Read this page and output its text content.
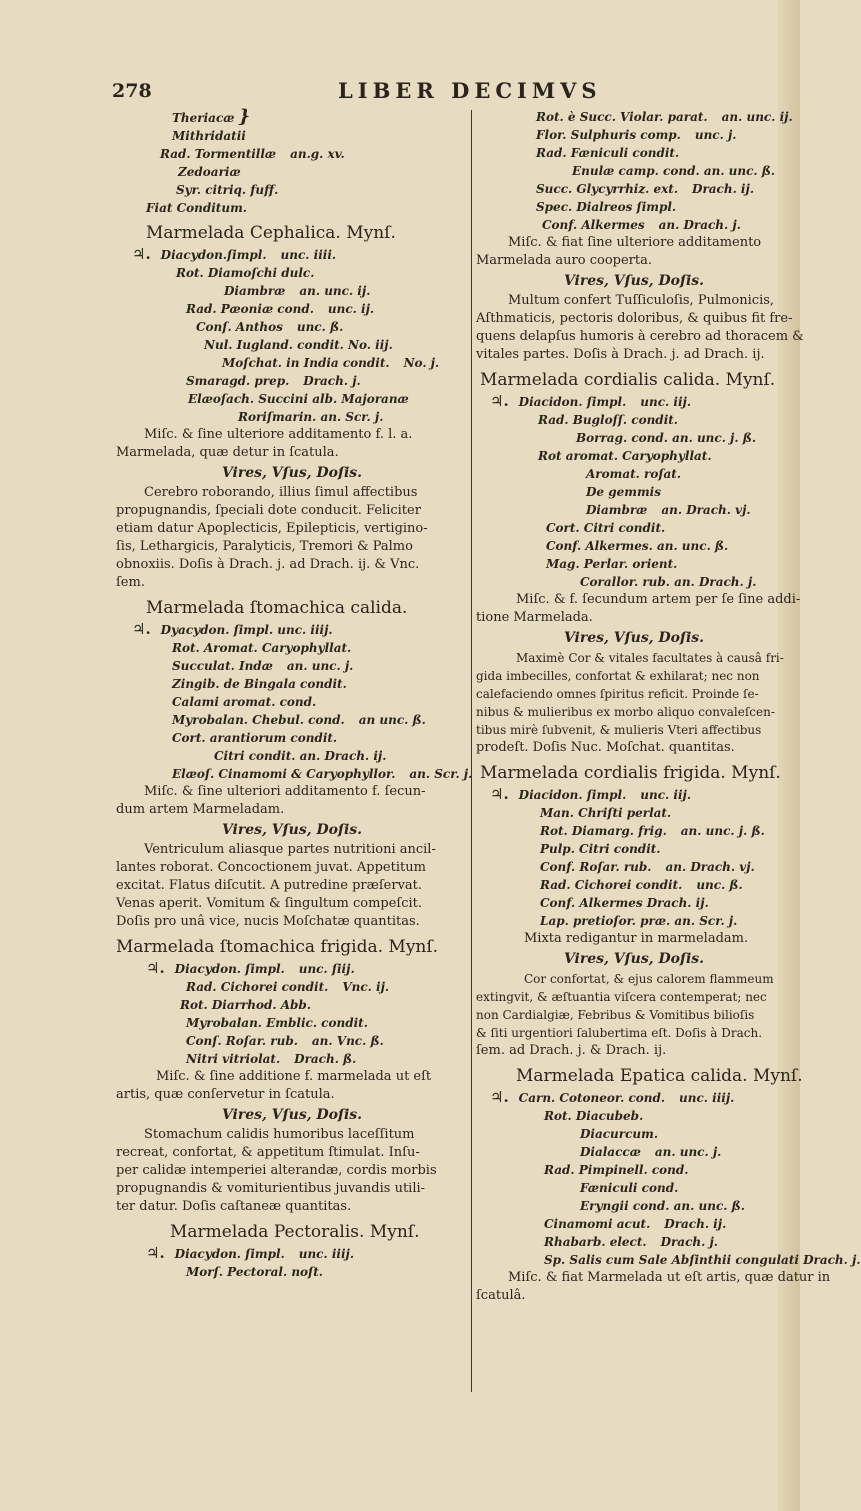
278	LIBER DECIMVS
Theriacæ }
Mithridatii
Rad. Tormentillæ an.g. xv.
Zedoariæ
Syr. citriq. fuff.
Fiat Conditum.
Marmelada Cephalica. Mynſ.
♃. Diacydon.ſimpl. unc. iiii.
Rot. Diamoſchi dulc.
Diambræ an. unc. ij.
Rad. Pæoniæ cond. unc. ij.
Conſ. Anthos unc. ß.
Nul. Iugland. condit. No. iij.
Moſchat. in India condit. No. j.
Smaragd. prep. Drach. j.
Elæoſach. Succini alb. Majoranæ
Roriſmarin. an. Scr. j.
Miſc. & ſine ulteriore additamento f. l. a.
Marmelada, quæ detur in ſcatula.
Vires, Vſus, Doſis.
Cerebro roborando, illius ſimul affectibus
propugnandis, ſpeciali dote conducit. Feliciter
etiam datur Apoplecticis, Epilepticis, vertigino-
ſis, Lethargicis, Paralyticis, Tremori & Palmo
obnoxiis. Doſis à Drach. j. ad Drach. ij. & Vnc.
ſem.
Marmelada ſtomachica calida.
♃. Dyacydon. ſimpl. unc. iiij.
Rot. Aromat. Caryophyllat.
Succulat. Indæ an. unc. j.
Zingib. de Bingala condit.
Calami aromat. cond.
Myrobalan. Chebul. cond. an unc. ß.
Cort. arantiorum condit.
Citri condit. an. Drach. ij.
Elæoſ. Cinamomi & Caryophyllor. an. Scr. j.
Miſc. & ſine ulteriori additamento f. ſecun-
dum artem Marmeladam.
Vires, Vſus, Doſis.
Ventriculum aliasque partes nutritioni ancil-
lantes roborat. Concoctionem juvat. Appetitum
excitat. Flatus diſcutit. A putredine præſervat.
Venas aperit. Vomitum & ſingultum compeſcit.
Doſis pro unâ vice, nucis Moſchatæ quantitas.
Marmelada ſtomachica frigida. Mynſ.
♃. Diacydon. ſimpl. unc. ſiij.
Rad. Cichorei condit. Vnc. ij.
Rot. Diarrhod. Abb.
Myrobalan. Emblic. condit.
Conſ. Roſar. rub. an. Vnc. ß.
Nitri vitriolat. Drach. ß.
Miſc. & ſine additione f. marmelada ut eſt
artis, quæ conſervetur in ſcatula.
Vires, Vſus, Doſis.
Stomachum calidis humoribus laceſſitum
recreat, confortat, & appetitum ſtimulat. Inſu-
per calidæ intemperiei alterandæ, cordis morbis
propugnandis & vomiturientibus juvandis utili-
ter datur. Doſis caſtaneæ quantitas.
Marmelada Pectoralis. Mynſ.
♃. Diacydon. ſimpl. unc. iiij.
Morſ. Pectoral. noſt.
Rot. è Succ. Violar. parat. an. unc. ij.
Flor. Sulphuris comp. unc. j.
Rad. Fæniculi condit.
Enulæ camp. cond. an. unc. ß.
Succ. Glycyrrhiz. ext. Drach. ij.
Spec. Dialreos ſimpl.
Conf. Alkermes an. Drach. j.
Miſc. & fiat ſine ulteriore additamento
Marmelada auro cooperta.
Vires, Vſus, Doſis.
Multum confert Tuſſiculoſis, Pulmonicis,
Aſthmaticis, pectoris doloribus, & quibus fit fre-
quens delapſus humoris à cerebro ad thoracem &
vitales partes. Doſis à Drach. j. ad Drach. ij.
Marmelada cordialis calida. Mynſ.
♃. Diacidon. ſimpl. unc. iij.
Rad. Bugloſſ. condit.
Borrag. cond. an. unc. j. ß.
Rot aromat. Caryophyllat.
Aromat. roſat.
De gemmis
Diambræ an. Drach. vj.
Cort. Citri condit.
Conf. Alkermes. an. unc. ß.
Mag. Perlar. orient.
Corallor. rub. an. Drach. j.
Miſc. & f. ſecundum artem per ſe ſine addi-
tione Marmelada.
Vires, Vſus, Doſis.
Maximè Cor & vitales facultates à causâ fri-
gida imbecilles, confortat & exhilarat; nec non
calefaciendo omnes ſpiritus reficit. Proinde ſe-
nibus & mulieribus ex morbo aliquo convaleſcen-
tibus mirè ſubvenit, & mulieris Vteri affectibus
prodeſt. Doſis Nuc. Moſchat. quantitas.
Marmelada cordialis frigida. Mynſ.
♃. Diacidon. ſimpl. unc. iij.
Man. Chriſti perlat.
Rot. Diamarg. frig. an. unc. j. ß.
Pulp. Citri condit.
Conf. Roſar. rub. an. Drach. vj.
Rad. Cichorei condit. unc. ß.
Conf. Alkermes Drach. ij.
Lap. pretioſor. præ. an. Scr. j.
Mixta redigantur in marmeladam.
Vires, Vſus, Doſis.
Cor confortat, & ejus calorem flammeum
extingvit, & æſtuantia viſcera contemperat; nec
non Cardialgiæ, Febribus & Vomitibus bilioſis
& ſiti urgentiori ſalubertima eſt. Doſis à Drach.
ſem. ad Drach. j. & Drach. ij.
Marmelada Epatica calida. Mynſ.
♃. Carn. Cotoneor. cond. unc. iiij.
Rot. Diacubeb.
Diacurcum.
Dialaccæ an. unc. j.
Rad. Pimpinell. cond.
Fæniculi cond.
Eryngii cond. an. unc. ß.
Cinamomi acut. Drach. ij.
Rhabarb. elect. Drach. j.
Sp. Salis cum Sale Abſinthii congulati Drach. j.
Miſc. & fiat Marmelada ut eſt artis, quæ datur in
ſcatulâ.
